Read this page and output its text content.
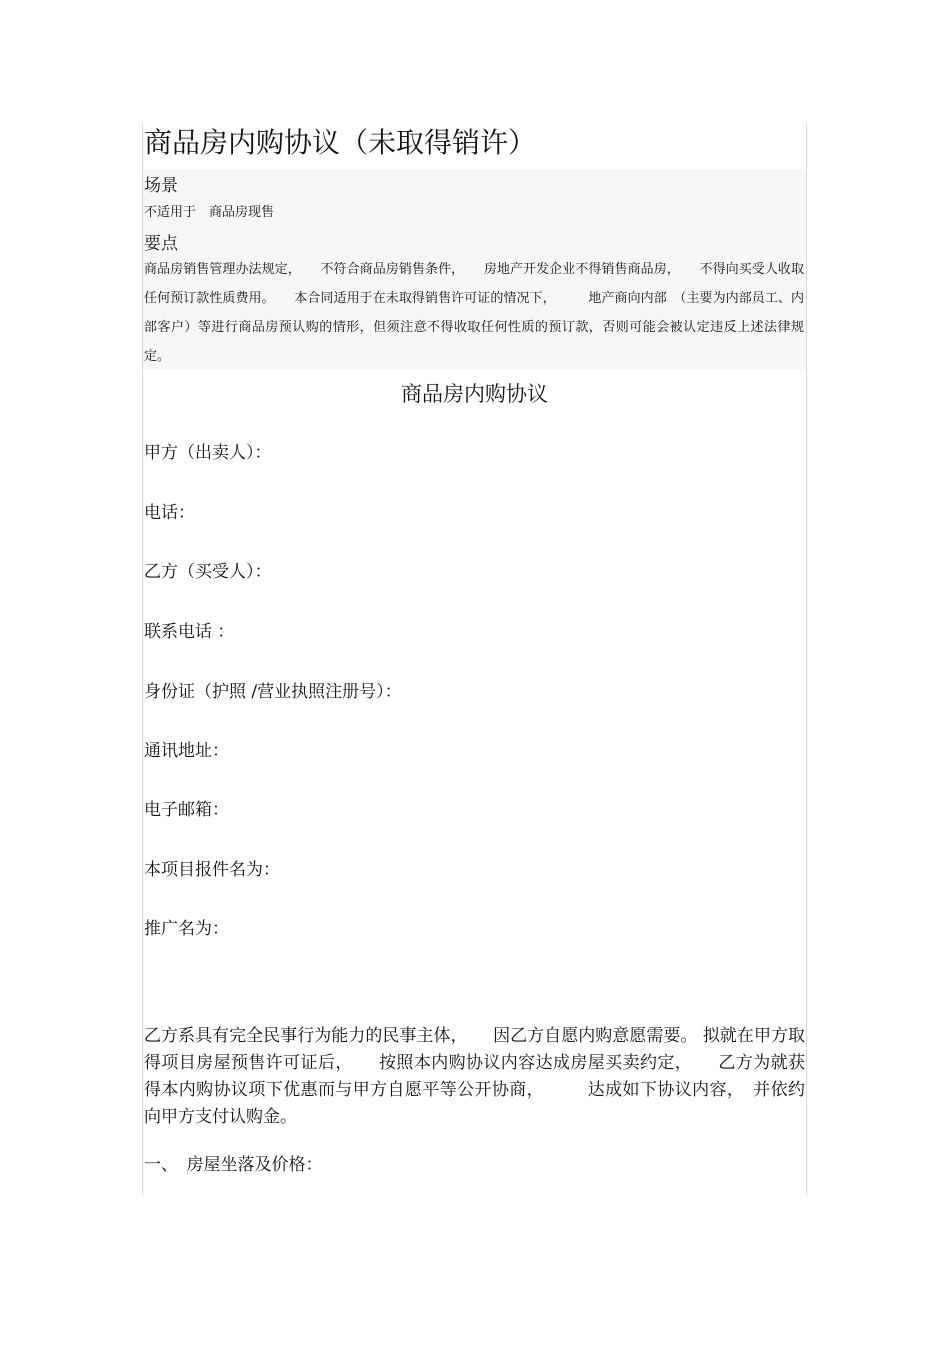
商品房内购协议（未取得销许）
场景
不适用于　商品房现售
要点
商品房销售管理办法规定，　　不符合商品房销售条件，　　房地产开发企业不得销售商品房，　　不得向买受人收取任何预订款性质费用。　　本合同适用于在未取得销售许可证的情况下，　　　地产商向内部　（主要为内部员工、内部客户）等进行商品房预认购的情形，但须注意不得收取任何性质的预订款，否则可能会被认定违反上述法律规定。
商品房内购协议
甲方（出卖人）：
电话：
乙方（买受人）：
联系电话 ：
身份证（护照 /营业执照注册号）：
通讯地址：
电子邮箱：
本项目报件名为：
推广名为：
乙方系具有完全民事行为能力的民事主体，　　因乙方自愿内购意愿需要。 拟就在甲方取得项目房屋预售许可证后，　　按照本内购协议内容达成房屋买卖约定，　　乙方为就获得本内购协议项下优惠而与甲方自愿平等公开协商，　　　达成如下协议内容，　并依约向甲方支付认购金。
一、　房屋坐落及价格：
